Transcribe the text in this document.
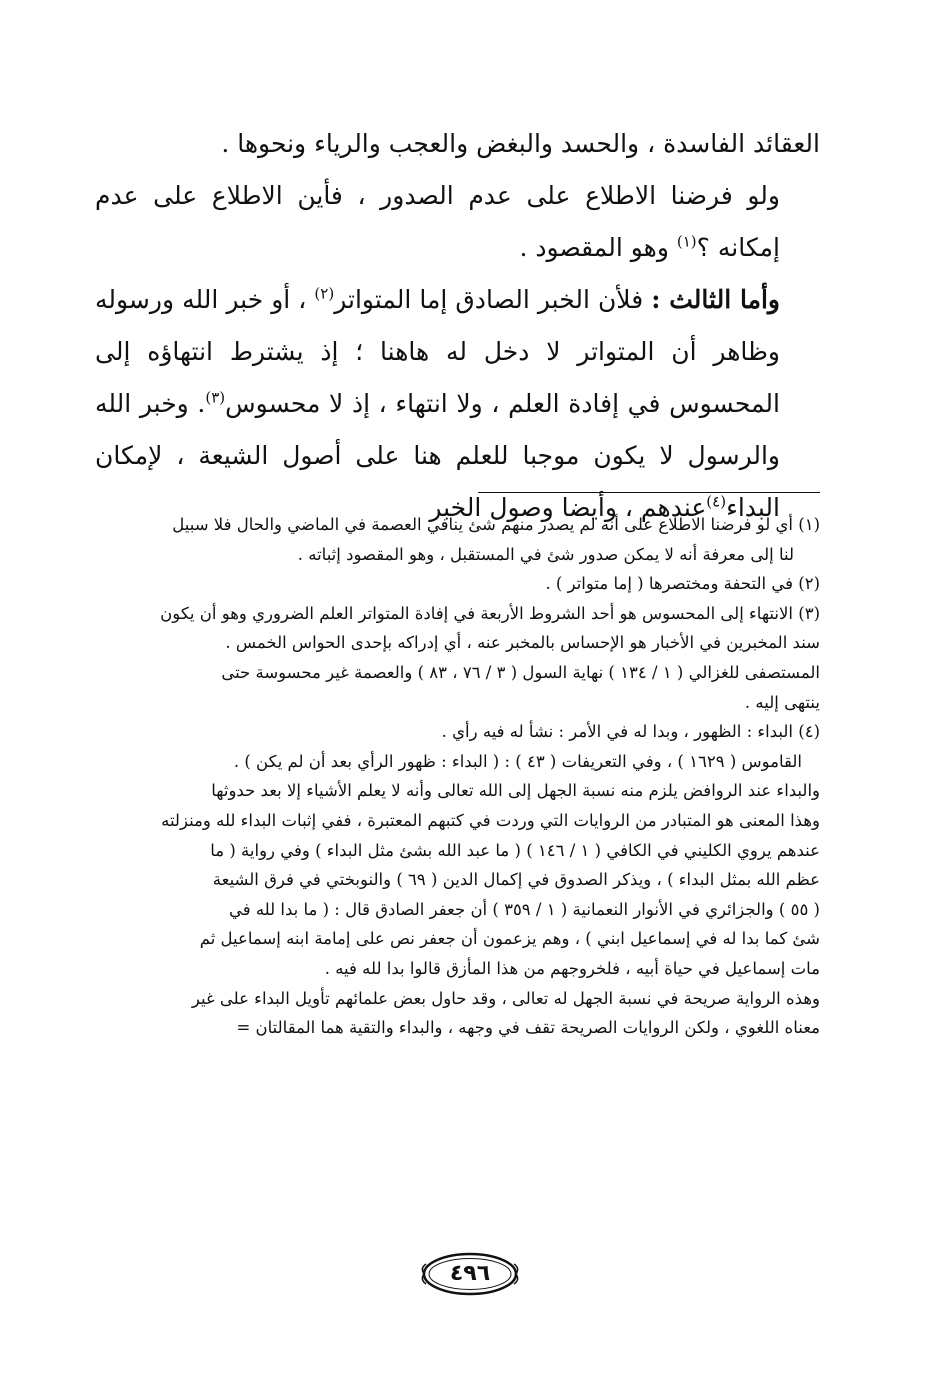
العقائد الفاسدة ، والحسد والبغض والعجب والرياء ونحوها .

ولو فرضنا الاطلاع على عدم الصدور ، فأين الاطلاع على عدم إمكانه ؟$^{(١)}$ وهو المقصود .

وأما الثالث : فلأن الخبر الصادق إما المتواتر$^{(٢)}$ ، أو خبر الله ورسوله وظاهر أن المتواتر لا دخل له هاهنا ؛ إذ يشترط انتهاؤه إلى المحسوس في إفادة العلم ، ولا انتهاء ، إذ لا محسوس$^{(٣)}$. وخبر الله والرسول لا يكون موجبا للعلم هنا على أصول الشيعة ، لإمكان البداء$^{(٤)}$عندهم ، وأيضا وصول الخبر

(١) أي لو فرضنا الاطلاع على أنه لم يصدر منهم شئ ينافي العصمة في الماضي والحال فلا سبيل

لنا إلى معرفة أنه لا يمكن صدور شئ في المستقبل ، وهو المقصود إثباته .

(٢) في التحفة ومختصرها ( إما متواتر ) .

(٣) الانتهاء إلى المحسوس هو أحد الشروط الأربعة في إفادة المتواتر العلم الضروري وهو أن يكون

سند المخبرين في الأخبار هو الإحساس بالمخبر عنه ، أي إدراكه بإحدى الحواس الخمس .

المستصفى للغزالي ( ١ / ١٣٤ ) نهاية السول ( ٣ / ٧٦ ، ٨٣ ) والعصمة غير محسوسة حتى

ينتهى إليه .

(٤) البداء : الظهور ، وبدا له في الأمر : نشأ له فيه رأي .

القاموس ( ١٦٢٩ ) ، وفي التعريفات ( ٤٣ ) : ( البداء : ظهور الرأي بعد أن لم يكن ) .

والبداء عند الروافض يلزم منه نسبة الجهل إلى الله تعالى وأنه لا يعلم الأشياء إلا بعد حدوثها

وهذا المعنى هو المتبادر من الروايات التي وردت في كتبهم المعتبرة ، ففي إثبات البداء لله ومنزلته

عندهم يروي الكليني في الكافي ( ١ / ١٤٦ ) ( ما عبد الله بشئ مثل البداء ) وفي رواية ( ما

عظم الله بمثل البداء ) ، ويذكر الصدوق في إكمال الدين ( ٦٩ ) والنوبختي في فرق الشيعة

( ٥٥ ) والجزائري في الأنوار النعمانية ( ١ / ٣٥٩ ) أن جعفر الصادق قال : ( ما بدا لله في

شئ كما بدا له في إسماعيل ابني ) ، وهم يزعمون أن جعفر نص على إمامة ابنه إسماعيل ثم

مات إسماعيل في حياة أبيه ، فلخروجهم من هذا المأزق قالوا بدا لله فيه .

وهذه الرواية صريحة في نسبة الجهل له تعالى ، وقد حاول بعض علمائهم تأويل البداء على غير

معناه اللغوي ، ولكن الروايات الصريحة تقف في وجهه ، والبداء والتقية هما المقالتان =

٤٩٦
